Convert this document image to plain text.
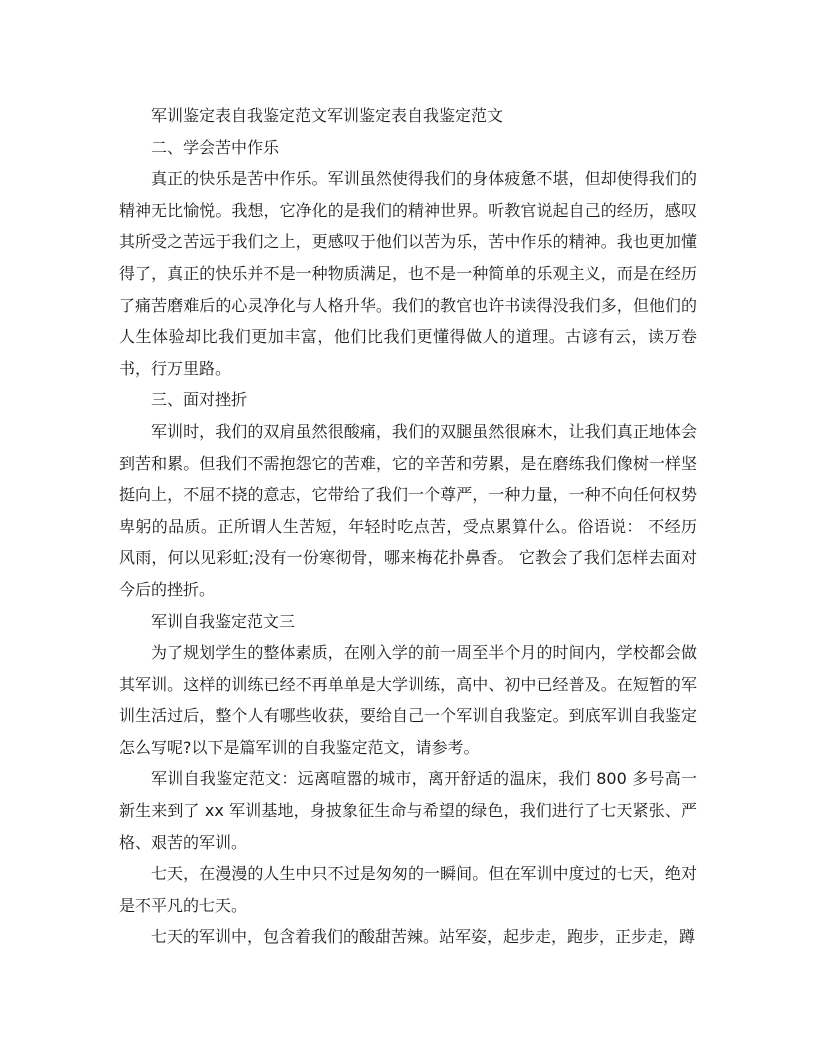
军训鉴定表自我鉴定范文军训鉴定表自我鉴定范文

二、学会苦中作乐

真正的快乐是苦中作乐。军训虽然使得我们的身体疲惫不堪，但却使得我们的精神无比愉悦。我想，它净化的是我们的精神世界。听教官说起自己的经历，感叹其所受之苦远于我们之上，更感叹于他们以苦为乐，苦中作乐的精神。我也更加懂得了，真正的快乐并不是一种物质满足，也不是一种简单的乐观主义，而是在经历了痛苦磨难后的心灵净化与人格升华。我们的教官也许书读得没我们多，但他们的人生体验却比我们更加丰富，他们比我们更懂得做人的道理。古谚有云，读万卷书，行万里路。

三、面对挫折

军训时，我们的双肩虽然很酸痛，我们的双腿虽然很麻木，让我们真正地体会到苦和累。但我们不需抱怨它的苦难，它的辛苦和劳累，是在磨练我们像树一样坚挺向上，不屈不挠的意志，它带给了我们一个尊严，一种力量，一种不向任何权势卑躬的品质。正所谓人生苦短，年轻时吃点苦，受点累算什么。俗语说： 不经历风雨，何以见彩虹;没有一份寒彻骨，哪来梅花扑鼻香。 它教会了我们怎样去面对今后的挫折。

军训自我鉴定范文三

为了规划学生的整体素质，在刚入学的前一周至半个月的时间内，学校都会做其军训。这样的训练已经不再单单是大学训练，高中、初中已经普及。在短暂的军训生活过后，整个人有哪些收获，要给自己一个军训自我鉴定。到底军训自我鉴定怎么写呢?以下是篇军训的自我鉴定范文，请参考。

军训自我鉴定范文：远离喧嚣的城市，离开舒适的温床，我们 800 多号高一新生来到了 xx 军训基地，身披象征生命与希望的绿色，我们进行了七天紧张、严格、艰苦的军训。

七天，在漫漫的人生中只不过是匆匆的一瞬间。但在军训中度过的七天，绝对是不平凡的七天。

七天的军训中，包含着我们的酸甜苦辣。站军姿，起步走，跑步，正步走，蹲
